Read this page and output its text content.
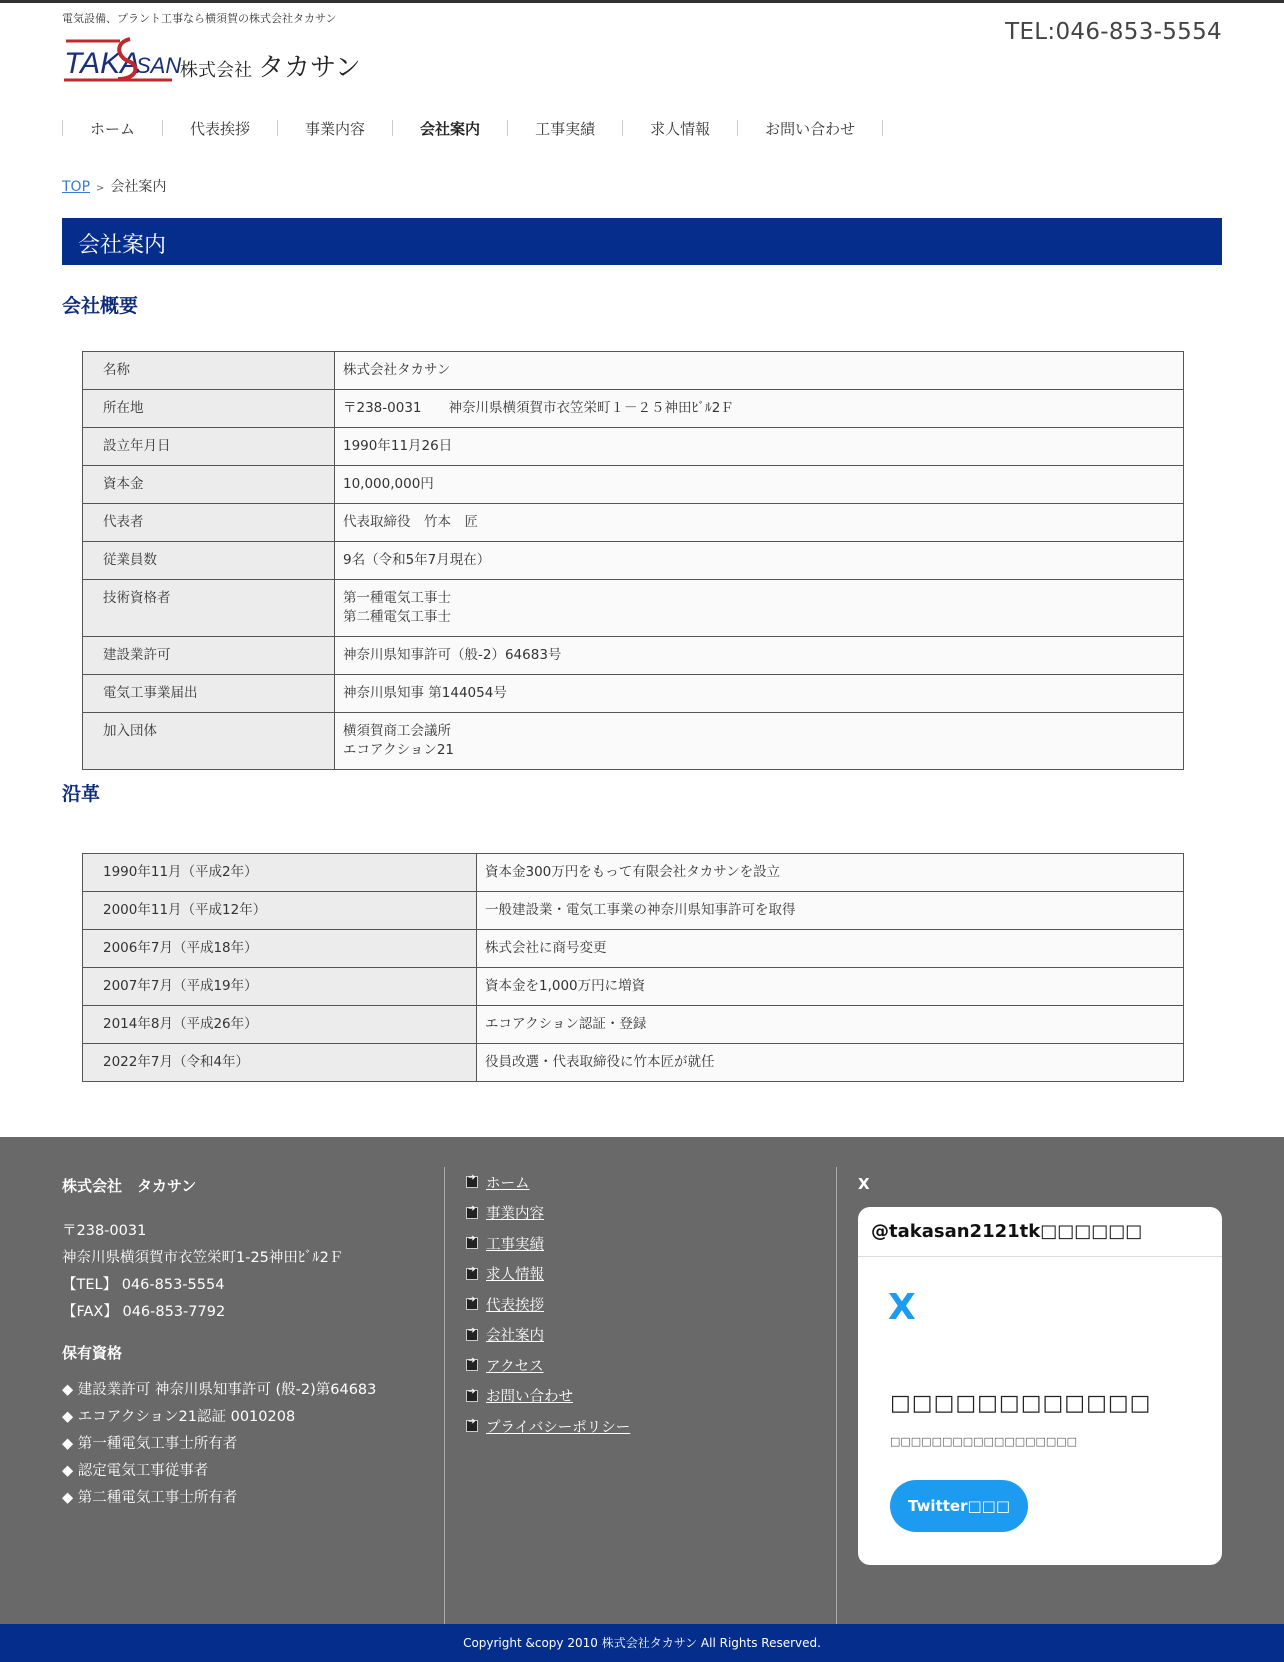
電気設備、プラント工事なら横須賀の株式会社タカサン
TAKA
SAN
株式会社 タカサン
TEL:046-853-5554
ホーム	代表挨拶	事業内容	会社案内	工事実績	求人情報	お問い合わせ
TOP > 会社案内
会社案内
会社概要
名称	株式会社タカサン
所在地	〒238-0031　　神奈川県横須賀市衣笠栄町１－２５神田ﾋﾞﾙ2Ｆ
設立年月日	1990年11月26日
資本金	10,000,000円
代表者	代表取締役　竹本　匠
従業員数	9名（令和5年7月現在）
技術資格者	第一種電気工事士
第二種電気工事士

建設業許可	神奈川県知事許可（般-2）64683号
電気工事業届出	神奈川県知事 第144054号
加入団体	横須賀商工会議所
エコアクション21
沿革
1990年11月（平成2年）	資本金300万円をもって有限会社タカサンを設立
2000年11月（平成12年）	一般建設業・電気工事業の神奈川県知事許可を取得
2006年7月（平成18年）	株式会社に商号変更
2007年7月（平成19年）	資本金を1,000万円に増資
2014年8月（平成26年）	エコアクション認証・登録
2022年7月（令和4年）	役員改選・代表取締役に竹本匠が就任
株式会社　タカサン
〒238-0031
神奈川県横須賀市衣笠栄町1-25神田ﾋﾞﾙ2Ｆ
【TEL】 046-853-5554
【FAX】 046-853-7792
保有資格
◆ 建設業許可 神奈川県知事許可 (般-2)第64683
◆ エコアクション21認証 0010208
◆ 第一種電気工事士所有者
◆ 認定電気工事従事者
◆ 第二種電気工事士所有者
➔
ホーム
➔
事業内容
➔
工事実績
➔
求人情報
➔
代表挨拶
➔
会社案内
➔
アクセス
➔
お問い合わせ
➔
プライバシーポリシー
X
@takasan2121tk□□□□□□
X
□□□□□□□□□□□□
□□□□□□□□□□□□□□□□□□
Twitter□□□
Copyright &copy 2010 株式会社タカサン All Rights Reserved.
